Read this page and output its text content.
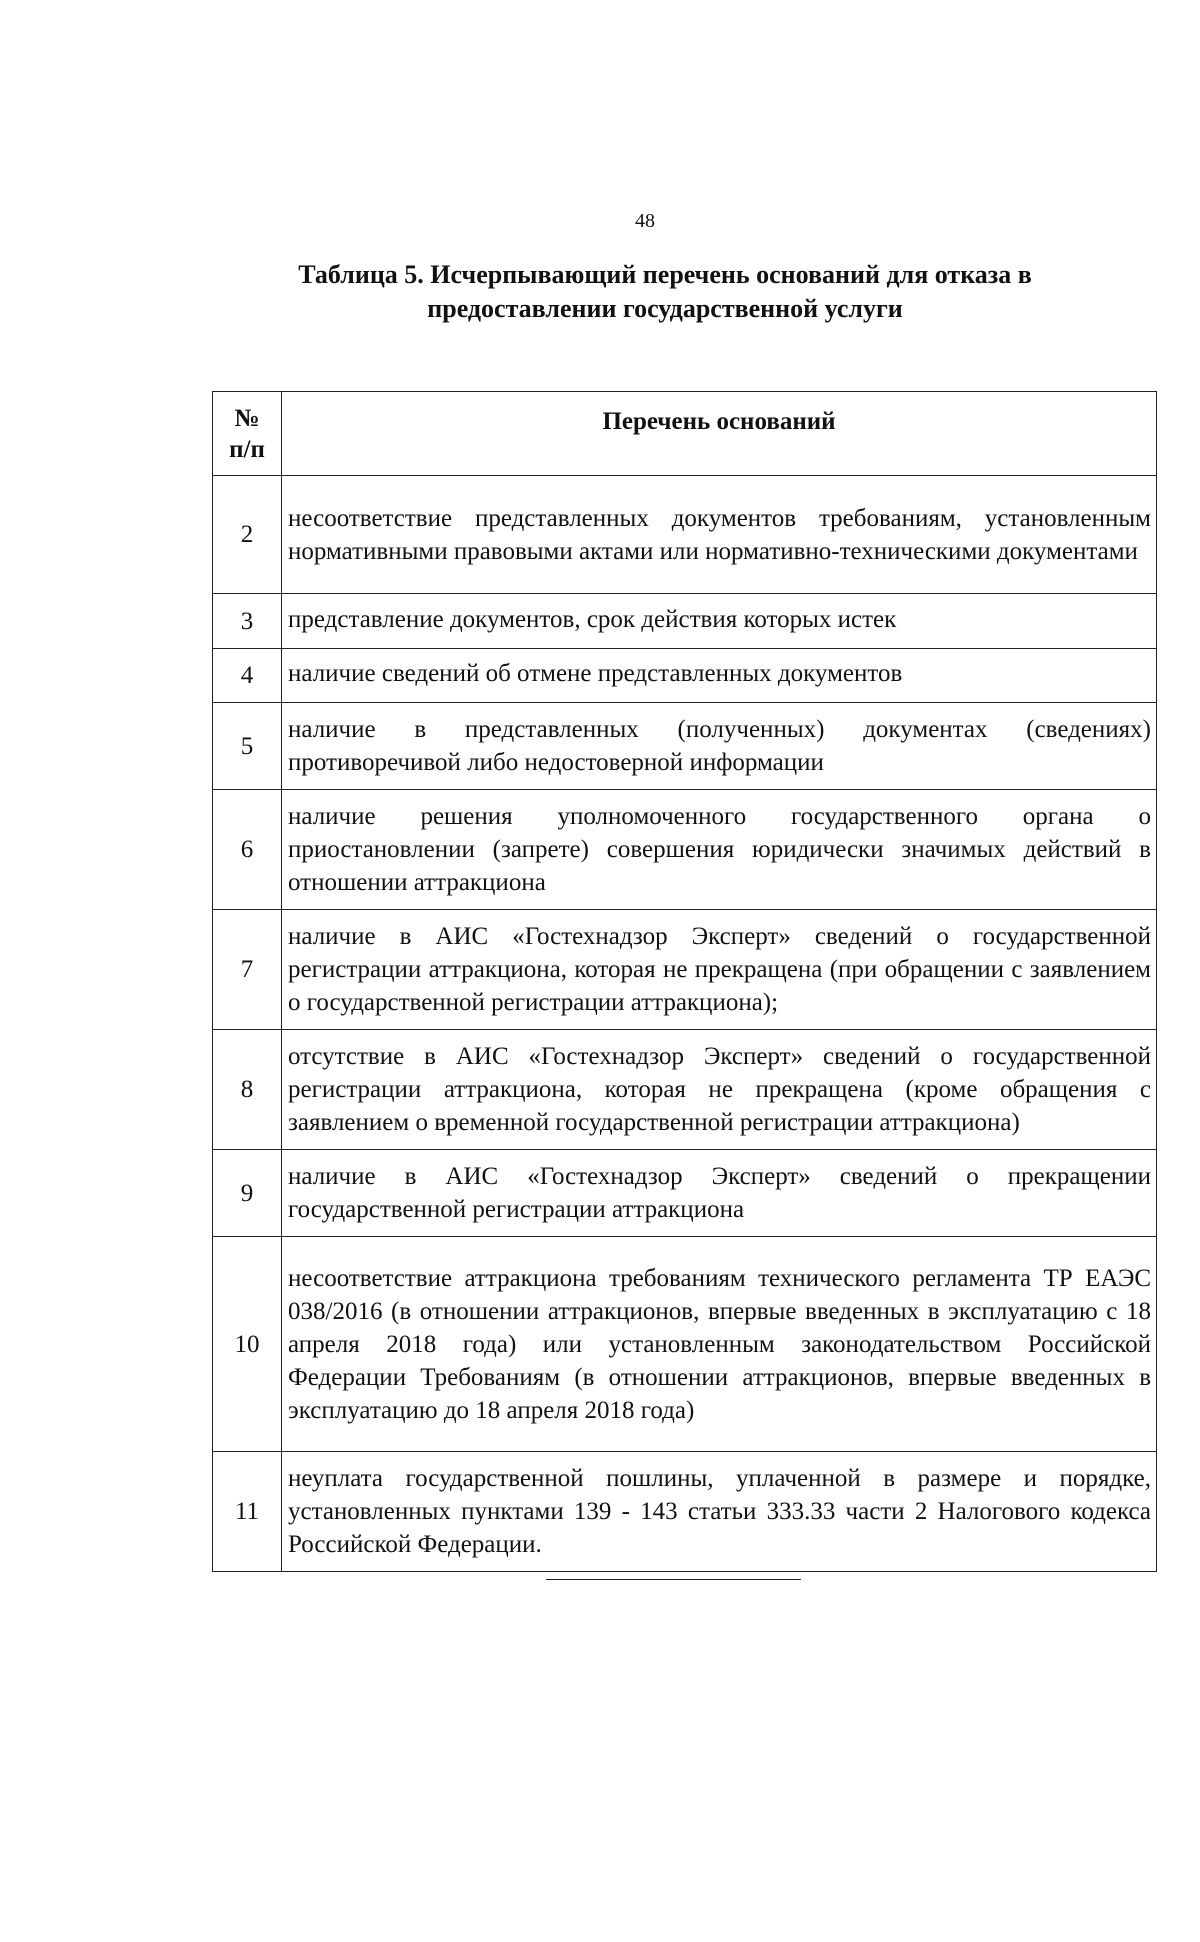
48
Таблица 5. Исчерпывающий перечень оснований для отказа в
предоставлении государственной услуги
№
п/п	Перечень оснований
2	несоответствие представленных документов требованиям, установленным нормативными правовыми актами или нормативно-техническими документами
3	представление документов, срок действия которых истек
4	наличие сведений об отмене представленных документов
5	наличие в представленных (полученных) документах (сведениях) противоречивой либо недостоверной информации
6	наличие решения уполномоченного государственного органа о приостановлении (запрете) совершения юридически значимых действий в отношении аттракциона
7	наличие в АИС «Гостехнадзор Эксперт» сведений о государственной регистрации аттракциона, которая не прекращена (при обращении с заявлением о государственной регистрации аттракциона);
8	отсутствие в АИС «Гостехнадзор Эксперт» сведений о государственной регистрации аттракциона, которая не прекращена (кроме обращения с заявлением о временной государственной регистрации аттракциона)
9	наличие в АИС «Гостехнадзор Эксперт» сведений о прекращении государственной регистрации аттракциона
10	несоответствие аттракциона требованиям технического регламента ТР ЕАЭС 038/2016 (в отношении аттракционов, впервые введенных в эксплуатацию с 18 апреля 2018 года) или установленным законодательством Российской Федерации Требованиям (в отношении аттракционов, впервые введенных в эксплуатацию до 18 апреля 2018 года)
11	неуплата государственной пошлины, уплаченной в размере и порядке, установленных пунктами 139 - 143 статьи 333.33 части 2 Налогового кодекса Российской Федерации.
